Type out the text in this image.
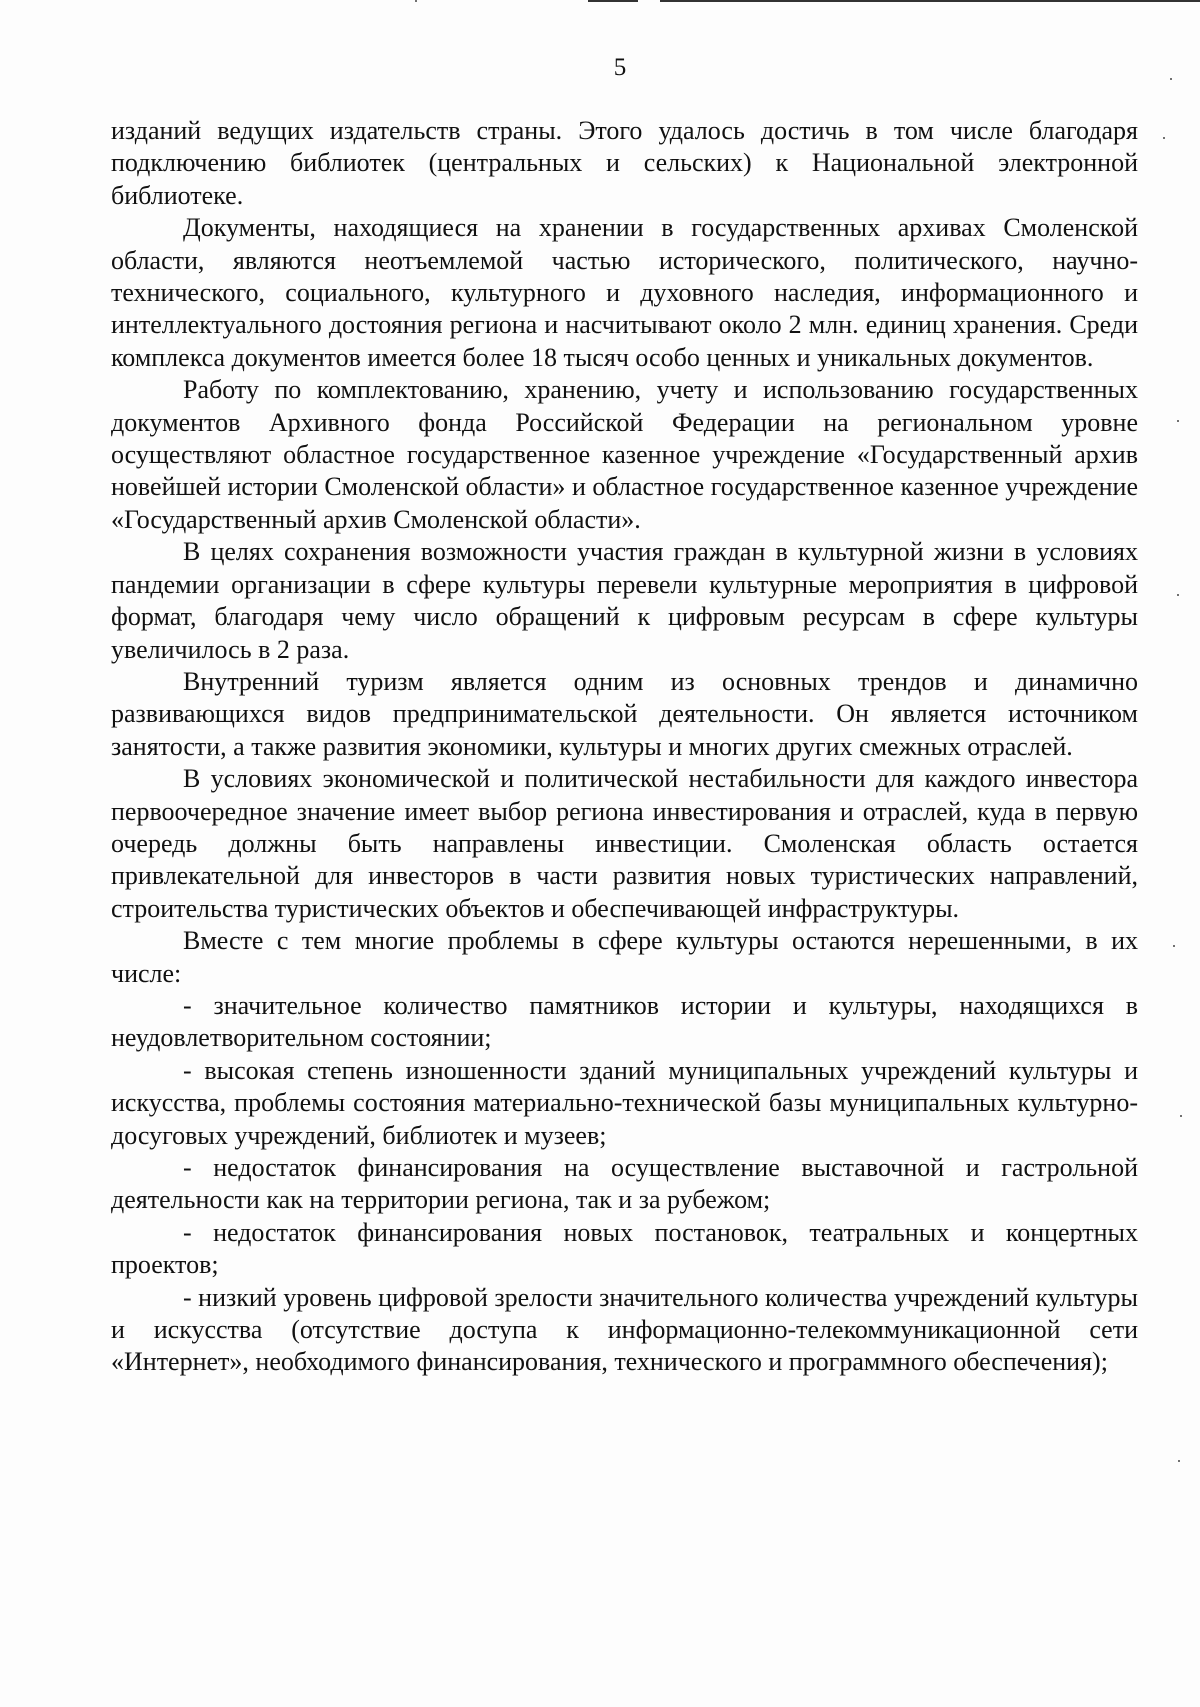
5

изданий ведущих издательств страны. Этого удалось достичь в том числе благодаря подключению библиотек (центральных и сельских) к Национальной электронной библиотеке.

Документы, находящиеся на хранении в государственных архивах Смоленской области, являются неотъемлемой частью исторического, политического, научно-технического, социального, культурного и духовного наследия, информационного и интеллектуального достояния региона и насчитывают около 2 млн. единиц хранения. Среди комплекса документов имеется более 18 тысяч особо ценных и уникальных документов.

Работу по комплектованию, хранению, учету и использованию государственных документов Архивного фонда Российской Федерации на региональном уровне осуществляют областное государственное казенное учреждение «Государственный архив новейшей истории Смоленской области» и областное государственное казенное учреждение «Государственный архив Смоленской области».

В целях сохранения возможности участия граждан в культурной жизни в условиях пандемии организации в сфере культуры перевели культурные мероприятия в цифровой формат, благодаря чему число обращений к цифровым ресурсам в сфере культуры увеличилось в 2 раза.

Внутренний туризм является одним из основных трендов и динамично развивающихся видов предпринимательской деятельности. Он является источником занятости, а также развития экономики, культуры и многих других смежных отраслей.

В условиях экономической и политической нестабильности для каждого инвестора первоочередное значение имеет выбор региона инвестирования и отраслей, куда в первую очередь должны быть направлены инвестиции. Смоленская область остается привлекательной для инвесторов в части развития новых туристических направлений, строительства туристических объектов и обеспечивающей инфраструктуры.

Вместе с тем многие проблемы в сфере культуры остаются нерешенными, в их числе:

- значительное количество памятников истории и культуры, находящихся в неудовлетворительном состоянии;

- высокая степень изношенности зданий муниципальных учреждений культуры и искусства, проблемы состояния материально-технической базы муниципальных культурно-досуговых учреждений, библиотек и музеев;

- недостаток финансирования на осуществление выставочной и гастрольной деятельности как на территории региона, так и за рубежом;

- недостаток финансирования новых постановок, театральных и концертных проектов;

- низкий уровень цифровой зрелости значительного количества учреждений культуры и искусства (отсутствие доступа к информационно-телекоммуникационной сети «Интернет», необходимого финансирования, технического и программного обеспечения);
